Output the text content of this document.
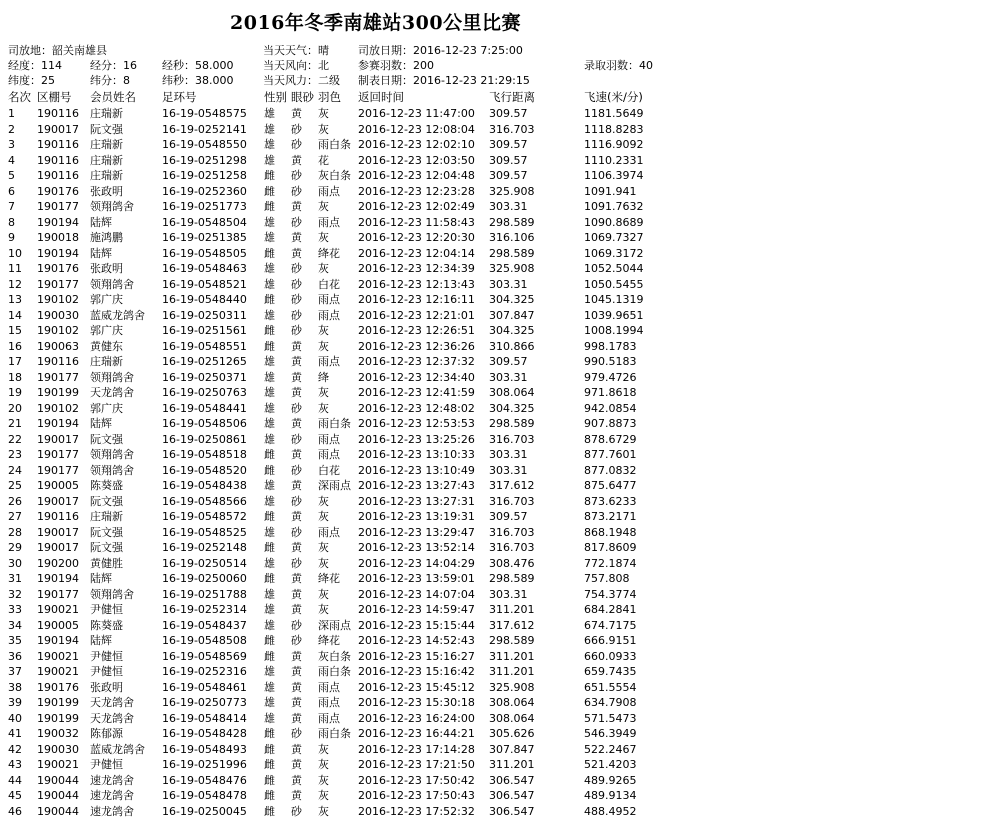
2016年冬季南雄站300公里比赛
司放地：韶关南雄县	当天天气：晴	司放日期：2016-12-23 7:25:00
经度：114	经分：16 经秒：58.000	当天风向：北	参赛羽数：200	录取羽数：40
纬度：25	纬分：8	纬秒：38.000	当天风力：二级 制表日期：2016-12-23 21:29:15
名次 区棚号 会员姓名 足环号	性别 眼砂 羽色 返回时间	飞行距离	飞速(米/分)
1 190116 庄瑞新	16-19-0548575 雄 黄 灰	2016-12-23 11:47:00 309.57	1181.5649
2 190017 阮文强	16-19-0252141 雄 砂 灰	2016-12-23 12:08:04 316.703	1118.8283
3 190116 庄瑞新	16-19-0548550 雄 砂 雨白条 2016-12-23 12:02:10 309.57	1116.9092
4 190116 庄瑞新	16-19-0251298 雄 黄 花	2016-12-23 12:03:50 309.57	1110.2331
5 190116 庄瑞新	16-19-0251258 雌 砂 灰白条 2016-12-23 12:04:48 309.57	1106.3974
6 190176 张政明	16-19-0252360 雌 砂 雨点 2016-12-23 12:23:28 325.908	1091.941
7 190177 领翔鸽舍	16-19-0251773 雌 黄 灰	2016-12-23 12:02:49 303.31	1091.7632
8 190194 陆辉	16-19-0548504 雄 砂 雨点 2016-12-23 11:58:43 298.589	1090.8689
9 190018 施鸿鹏	16-19-0251385 雄 黄 灰	2016-12-23 12:20:30 316.106	1069.7327
10 190194 陆辉	16-19-0548505 雌 黄 绛花 2016-12-23 12:04:14 298.589	1069.3172
11 190176 张政明	16-19-0548463 雄 砂 灰	2016-12-23 12:34:39 325.908	1052.5044
12 190177 领翔鸽舍	16-19-0548521 雄 砂 白花 2016-12-23 12:13:43 303.31	1050.5455
13 190102 郭广庆	16-19-0548440 雌 砂 雨点 2016-12-23 12:16:11 304.325	1045.1319
14 190030 蓝威龙鸽舍 16-19-0250311 雄 砂 雨点 2016-12-23 12:21:01 307.847	1039.9651
15 190102 郭广庆	16-19-0251561 雌 砂 灰	2016-12-23 12:26:51 304.325	1008.1994
16 190063 黄健东	16-19-0548551 雌 黄 灰	2016-12-23 12:36:26 310.866	998.1783
17 190116 庄瑞新	16-19-0251265 雄 黄 雨点 2016-12-23 12:37:32 309.57	990.5183
18 190177 领翔鸽舍	16-19-0250371 雄 黄 绛	2016-12-23 12:34:40 303.31	979.4726
19 190199 天龙鸽舍	16-19-0250763 雄 黄 灰	2016-12-23 12:41:59 308.064	971.8618
20 190102 郭广庆	16-19-0548441 雄 砂 灰	2016-12-23 12:48:02 304.325	942.0854
21 190194 陆辉	16-19-0548506 雄 黄 雨白条 2016-12-23 12:53:53 298.589	907.8873
22 190017 阮文强	16-19-0250861 雄 砂 雨点 2016-12-23 13:25:26 316.703	878.6729
23 190177 领翔鸽舍	16-19-0548518 雌 黄 雨点 2016-12-23 13:10:33 303.31	877.7601
24 190177 领翔鸽舍	16-19-0548520 雌 砂 白花 2016-12-23 13:10:49 303.31	877.0832
25 190005 陈葵盛	16-19-0548438 雄 黄 深雨点 2016-12-23 13:27:43 317.612	875.6477
26 190017 阮文强	16-19-0548566 雄 砂 灰	2016-12-23 13:27:31 316.703	873.6233
27 190116 庄瑞新	16-19-0548572 雌 黄 灰	2016-12-23 13:19:31 309.57	873.2171
28 190017 阮文强	16-19-0548525 雄 砂 雨点 2016-12-23 13:29:47 316.703	868.1948
29 190017 阮文强	16-19-0252148 雌 黄 灰	2016-12-23 13:52:14 316.703	817.8609
30 190200 黄健胜	16-19-0250514 雄 砂 灰	2016-12-23 14:04:29 308.476	772.1874
31 190194 陆辉	16-19-0250060 雌 黄 绛花 2016-12-23 13:59:01 298.589	757.808
32 190177 领翔鸽舍	16-19-0251788 雄 黄 灰	2016-12-23 14:07:04 303.31	754.3774
33 190021 尹健恒	16-19-0252314 雄 黄 灰	2016-12-23 14:59:47 311.201	684.2841
34 190005 陈葵盛	16-19-0548437 雄 砂 深雨点 2016-12-23 15:15:44 317.612	674.7175
35 190194 陆辉	16-19-0548508 雌 砂 绛花 2016-12-23 14:52:43 298.589	666.9151
36 190021 尹健恒	16-19-0548569 雌 黄 灰白条 2016-12-23 15:16:27 311.201	660.0933
37 190021 尹健恒	16-19-0252316 雄 黄 雨白条 2016-12-23 15:16:42 311.201	659.7435
38 190176 张政明	16-19-0548461 雄 黄 雨点 2016-12-23 15:45:12 325.908	651.5554
39 190199 天龙鸽舍	16-19-0250773 雄 黄 雨点 2016-12-23 15:30:18 308.064	634.7908
40 190199 天龙鸽舍	16-19-0548414 雄 黄 雨点 2016-12-23 16:24:00 308.064	571.5473
41 190032 陈郁源	16-19-0548428 雌 砂 雨白条 2016-12-23 16:44:21 305.626	546.3949
42 190030 蓝威龙鸽舍 16-19-0548493 雌 黄 灰	2016-12-23 17:14:28 307.847	522.2467
43 190021 尹健恒	16-19-0251996 雌 黄 灰	2016-12-23 17:21:50 311.201	521.4203
44 190044 速龙鸽舍	16-19-0548476 雌 黄 灰	2016-12-23 17:50:42 306.547	489.9265
45 190044 速龙鸽舍	16-19-0548478 雌 黄 灰	2016-12-23 17:50:43 306.547	489.9134
46 190044 速龙鸽舍	16-19-0250045 雌 砂 灰	2016-12-23 17:52:32 306.547	488.4952
